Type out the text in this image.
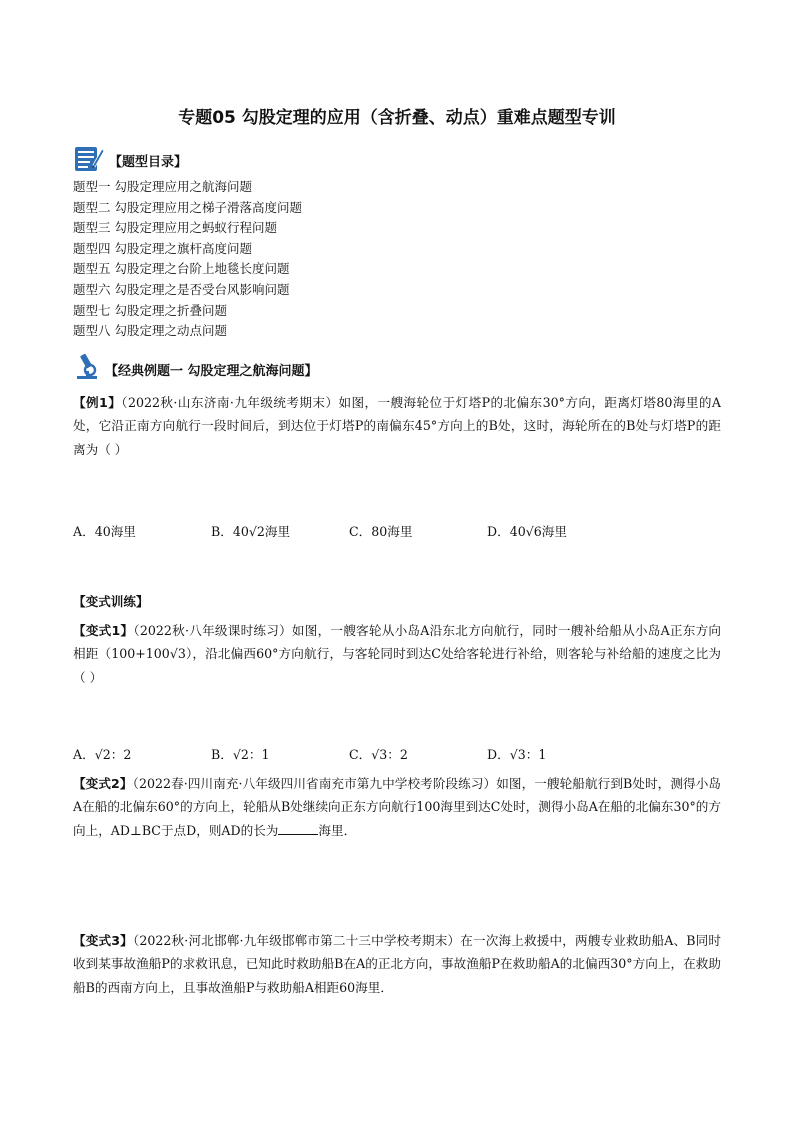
专题05 勾股定理的应用（含折叠、动点）重难点题型专训
【题型目录】
题型一 勾股定理应用之航海问题
题型二 勾股定理应用之梯子滑落高度问题
题型三 勾股定理应用之蚂蚁行程问题
题型四 勾股定理之旗杆高度问题
题型五 勾股定理之台阶上地毯长度问题
题型六 勾股定理之是否受台风影响问题
题型七 勾股定理之折叠问题
题型八 勾股定理之动点问题
【经典例题一 勾股定理之航海问题】
【例1】（2022秋·山东济南·九年级统考期末）如图，一艘海轮位于灯塔P的北偏东30°方向，距离灯塔80海里的A处，它沿正南方向航行一段时间后，到达位于灯塔P的南偏东45°方向上的B处，这时，海轮所在的B处与灯塔P的距离为（ ）
A．40海里	B．40√2海里	C．80海里	D．40√6海里
【变式训练】
【变式1】（2022秋·八年级课时练习）如图，一艘客轮从小岛A沿东北方向航行，同时一艘补给船从小岛A正东方向相距（100+100√3），沿北偏西60°方向航行，与客轮同时到达C处给客轮进行补给，则客轮与补给船的速度之比为（ ）
A．√2：2	B．√2：1	C．√3：2	D．√3：1
【变式2】（2022春·四川南充·八年级四川省南充市第九中学校考阶段练习）如图，一艘轮船航行到B处时，测得小岛A在船的北偏东60°的方向上，轮船从B处继续向正东方向航行100海里到达C处时，测得小岛A在船的北偏东30°的方向上，AD⊥BC于点D，则AD的长为	海里．
【变式3】（2022秋·河北邯郸·九年级邯郸市第二十三中学校考期末）在一次海上救援中，两艘专业救助船A、B同时收到某事故渔船P的求救讯息，已知此时救助船B在A的正北方向，事故渔船P在救助船A的北偏西30°方向上，在救助船B的西南方向上，且事故渔船P与救助船A相距60海里．
